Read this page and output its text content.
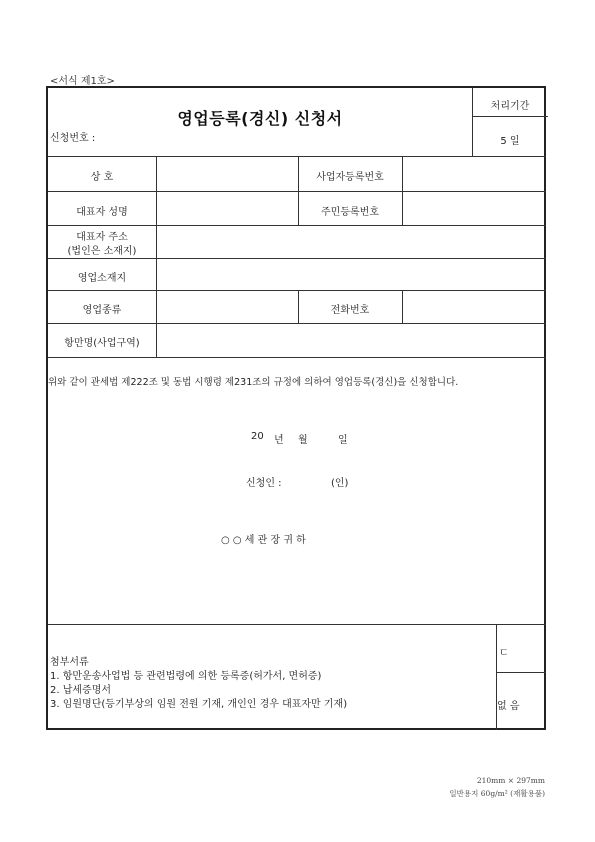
<서식 제1호>
영업등록(경신) 신청서
신청번호 :
처리기간
5 일
상 호	사업자등록번호
대표자 성명	주민등록번호
대표자 주소
(법인은 소재지)
영업소재지
영업종류	전화번호
항만명(사업구역)
위와 같이 관세법 제222조 및 동법 시행령 제231조의 규정에 의하여 영업등록(경신)을 신청합니다.
20 년 월	일
신청인 :	(인)
○ ○ 세 관 장 귀 하
첨부서류
1. 항만운송사업법 등 관련법령에 의한 등록증(허가서, 면허증)
2. 납세증명서
3. 임원명단(등기부상의 임원 전원 기재, 개인인 경우 대표자만 기재)
ㄷ
없 음
210mm × 297mm
일반용지 60g/m² (재활용품)
